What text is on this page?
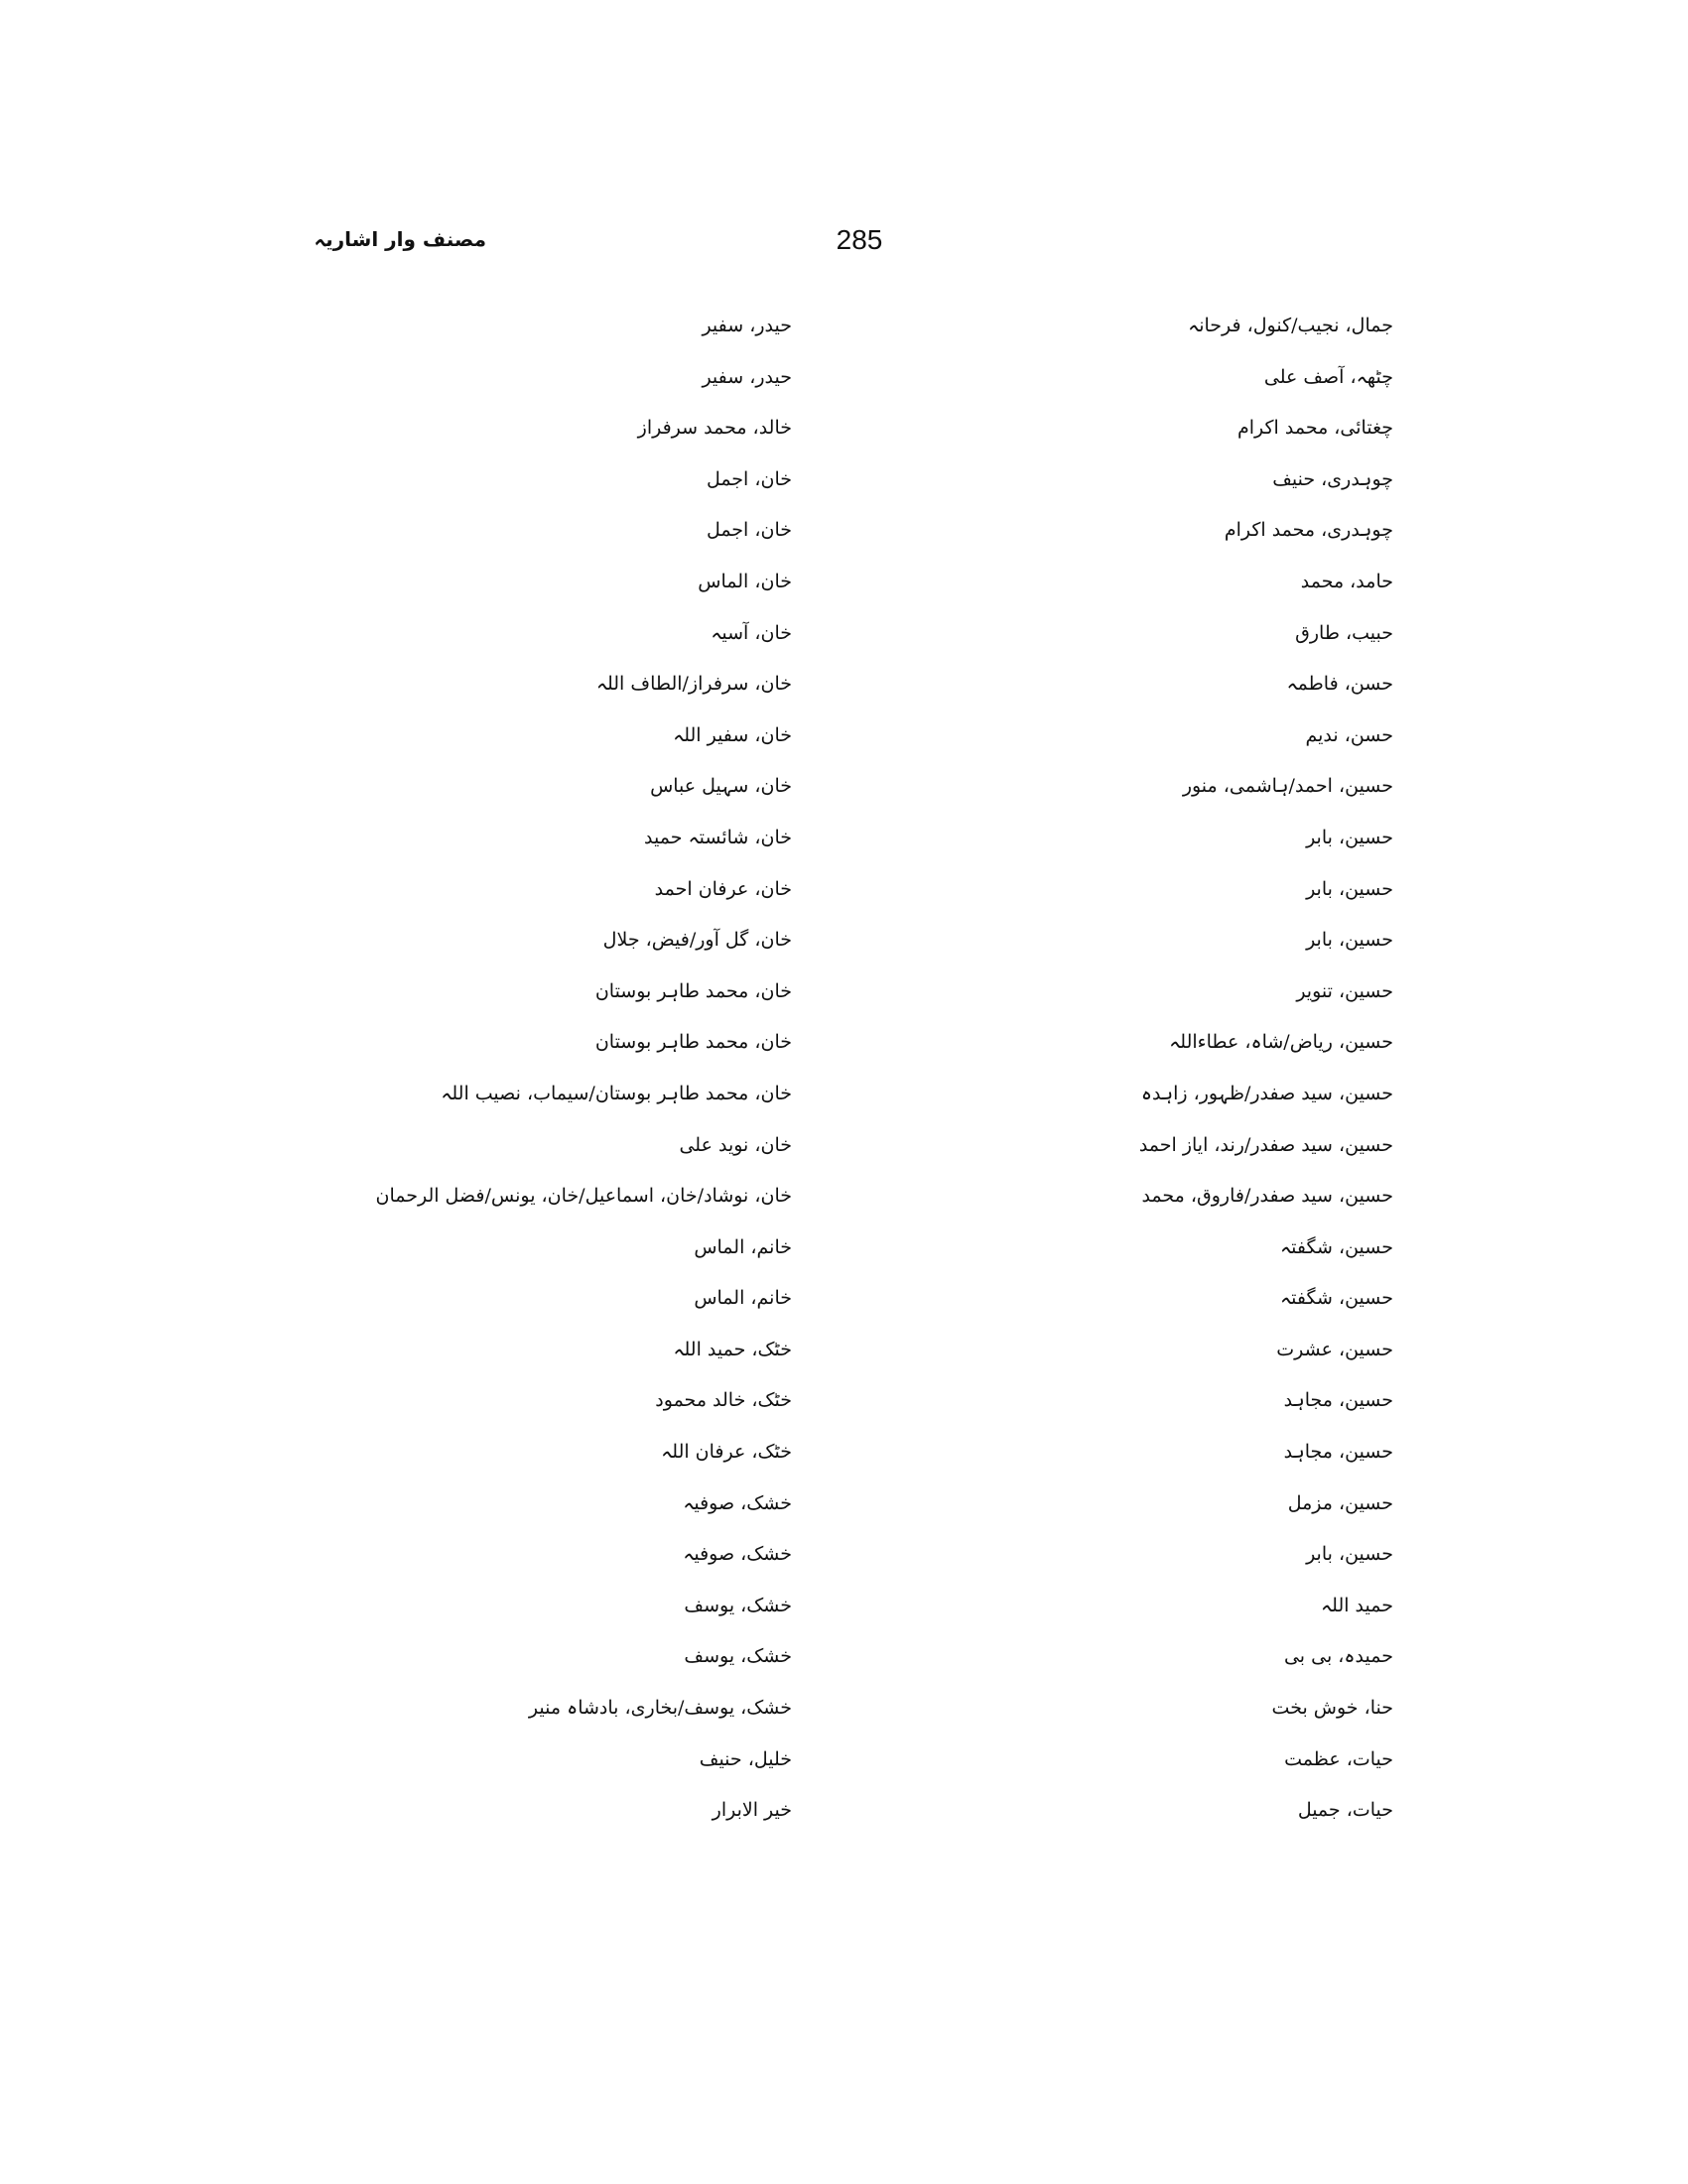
مصنف وار اشاریہ	285
جمال، نجیب/کنول، فرحانہ
چٹھہ، آصف علی
چغتائی، محمد اکرام
چوہدری، حنیف
چوہدری، محمد اکرام
حامد، محمد
حبیب، طارق
حسن، فاطمہ
حسن، ندیم
حسین، احمد/ہاشمی، منور
حسین، بابر
حسین، بابر
حسین، بابر
حسین، تنویر
حسین، ریاض/شاہ، عطاءاللہ
حسین، سید صفدر/ظہور، زاہدہ
حسین، سید صفدر/رند، ایاز احمد
حسین، سید صفدر/فاروق، محمد
حسین، شگفتہ
حسین، شگفتہ
حسین، عشرت
حسین، مجاہد
حسین، مجاہد
حسین، مزمل
حسین، بابر
حمید اللہ
حمیدہ، بی بی
حنا، خوش بخت
حیات، عظمت
حیات، جمیل
حیدر، سفیر
حیدر، سفیر
خالد، محمد سرفراز
خان، اجمل
خان، اجمل
خان، الماس
خان، آسیہ
خان، سرفراز/الطاف اللہ
خان، سفیر اللہ
خان، سہیل عباس
خان، شائستہ حمید
خان، عرفان احمد
خان، گل آور/فیض، جلال
خان، محمد طاہر بوستان
خان، محمد طاہر بوستان
خان، محمد طاہر بوستان/سیماب، نصیب اللہ
خان، نوید علی
خان، نوشاد/خان، اسماعیل/خان، یونس/فضل الرحمان
خانم، الماس
خانم، الماس
خٹک، حمید اللہ
خٹک، خالد محمود
خٹک، عرفان اللہ
خشک، صوفیہ
خشک، صوفیہ
خشک، یوسف
خشک، یوسف
خشک، یوسف/بخاری، بادشاہ منیر
خلیل، حنیف
خیر الابرار
